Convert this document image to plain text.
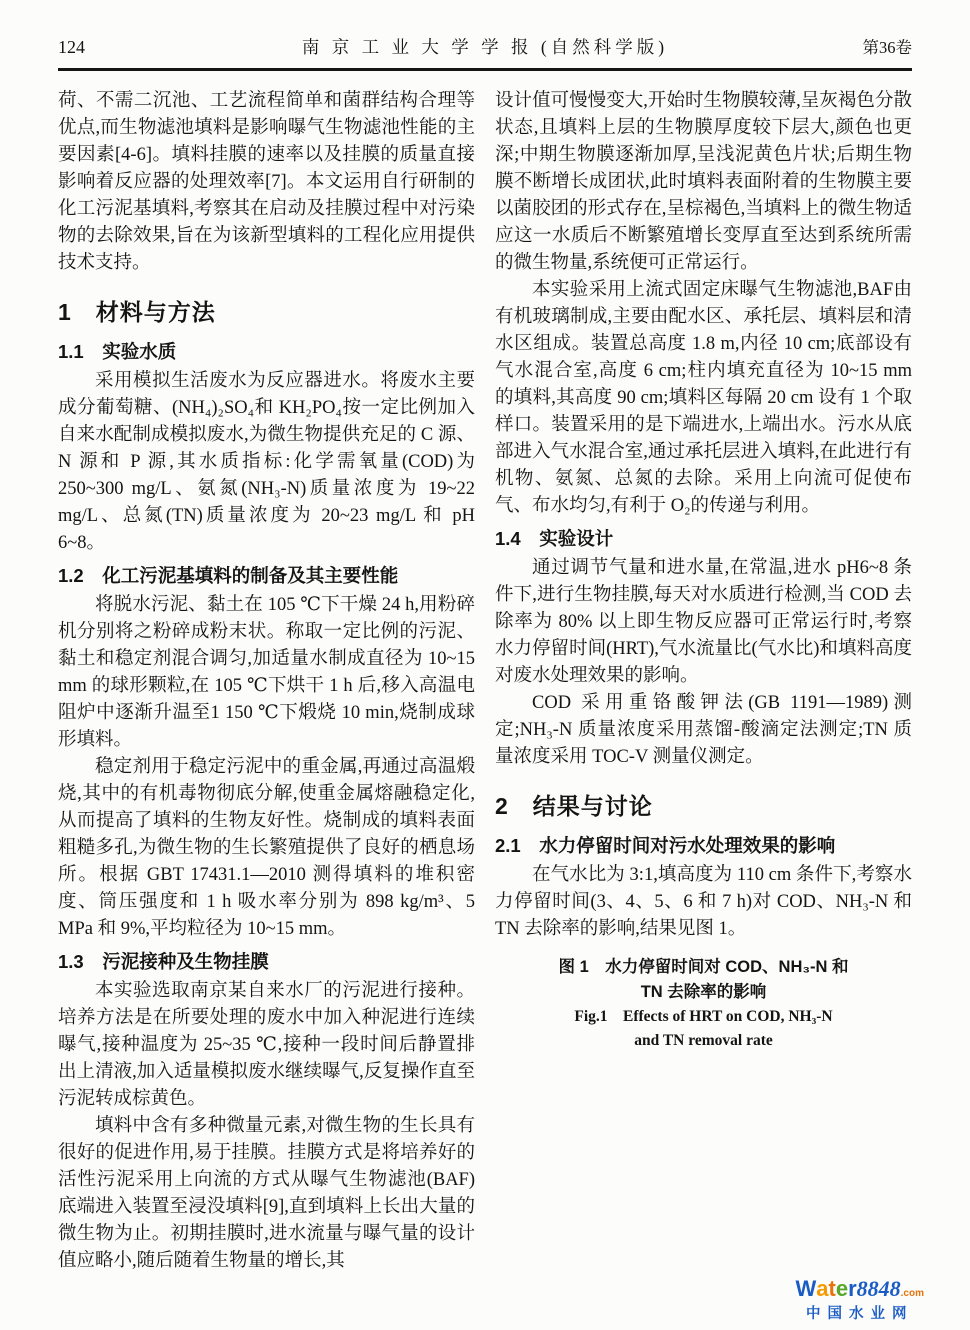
124	南 京 工 业 大 学 学 报 (自然科学版)	第36卷

荷、不需二沉池、工艺流程简单和菌群结构合理等优点,而生物滤池填料是影响曝气生物滤池性能的主要因素[4-6]。填料挂膜的速率以及挂膜的质量直接影响着反应器的处理效率[7]。本文运用自行研制的化工污泥基填料,考察其在启动及挂膜过程中对污染物的去除效果,旨在为该新型填料的工程化应用提供技术支持。

1 材料与方法
1.1 实验水质

采用模拟生活废水为反应器进水。将废水主要成分葡萄糖、(NH₄)₂SO₄和 KH₂PO₄按一定比例加入自来水配制成模拟废水,为微生物提供充足的 C 源、N 源和 P 源,其水质指标:化学需氧量(COD)为 250~300 mg/L、氨氮(NH₃-N)质量浓度为 19~22 mg/L、总氮(TN)质量浓度为 20~23 mg/L 和 pH 6~8。

1.2 化工污泥基填料的制备及其主要性能

将脱水污泥、黏土在 105 ℃下干燥 24 h,用粉碎机分别将之粉碎成粉末状。称取一定比例的污泥、黏土和稳定剂混合调匀,加适量水制成直径为 10~15 mm 的球形颗粒,在 105 ℃下烘干 1 h 后,移入高温电阻炉中逐渐升温至1 150 ℃下煅烧 10 min,烧制成球形填料。

稳定剂用于稳定污泥中的重金属,再通过高温煅烧,其中的有机毒物彻底分解,使重金属熔融稳定化,从而提高了填料的生物友好性。烧制成的填料表面粗糙多孔,为微生物的生长繁殖提供了良好的栖息场所。根据 GBT 17431.1—2010 测得填料的堆积密度、筒压强度和 1 h 吸水率分别为 898 kg/m³、5 MPa 和 9%,平均粒径为 10~15 mm。

1.3 污泥接种及生物挂膜

本实验选取南京某自来水厂的污泥进行接种。培养方法是在所要处理的废水中加入种泥进行连续曝气,接种温度为 25~35 ℃,接种一段时间后静置排出上清液,加入适量模拟废水继续曝气,反复操作直至污泥转成棕黄色。

填料中含有多种微量元素,对微生物的生长具有很好的促进作用,易于挂膜。挂膜方式是将培养好的活性污泥采用上向流的方式从曝气生物滤池(BAF)底端进入装置至浸没填料[9],直到填料上长出大量的微生物为止。初期挂膜时,进水流量与曝气量的设计值应略小,随后随着生物量的增长,其

设计值可慢慢变大,开始时生物膜较薄,呈灰褐色分散状态,且填料上层的生物膜厚度较下层大,颜色也更深;中期生物膜逐渐加厚,呈浅泥黄色片状;后期生物膜不断增长成团状,此时填料表面附着的生物膜主要以菌胶团的形式存在,呈棕褐色,当填料上的微生物适应这一水质后不断繁殖增长变厚直至达到系统所需的微生物量,系统便可正常运行。

本实验采用上流式固定床曝气生物滤池,BAF由有机玻璃制成,主要由配水区、承托层、填料层和清水区组成。装置总高度 1.8 m,内径 10 cm;底部设有气水混合室,高度 6 cm;柱内填充直径为 10~15 mm 的填料,其高度 90 cm;填料区每隔 20 cm 设有 1 个取样口。装置采用的是下端进水,上端出水。污水从底部进入气水混合室,通过承托层进入填料,在此进行有机物、氨氮、总氮的去除。采用上向流可促使布气、布水均匀,有利于 O₂的传递与利用。

1.4 实验设计

通过调节气量和进水量,在常温,进水 pH6~8 条件下,进行生物挂膜,每天对水质进行检测,当 COD 去除率为 80% 以上即生物反应器可正常运行时,考察水力停留时间(HRT),气水流量比(气水比)和填料高度对废水处理效果的影响。

COD 采用重铬酸钾法(GB 1191—1989)测定;NH₃-N 质量浓度采用蒸馏-酸滴定法测定;TN 质量浓度采用 TOC-V 测量仪测定。

2 结果与讨论
2.1 水力停留时间对污水处理效果的影响

在气水比为 3:1,填高度为 110 cm 条件下,考察水力停留时间(3、4、5、6 和 7 h)对 COD、NH₃-N 和 TN 去除率的影响,结果见图 1。

图 1 水力停留时间对 COD、NH₃-N 和
TN 去除率的影响
Fig.1 Effects of HRT on COD, NH₃-N
and TN removal rate
Water8848.com
中国水业网
